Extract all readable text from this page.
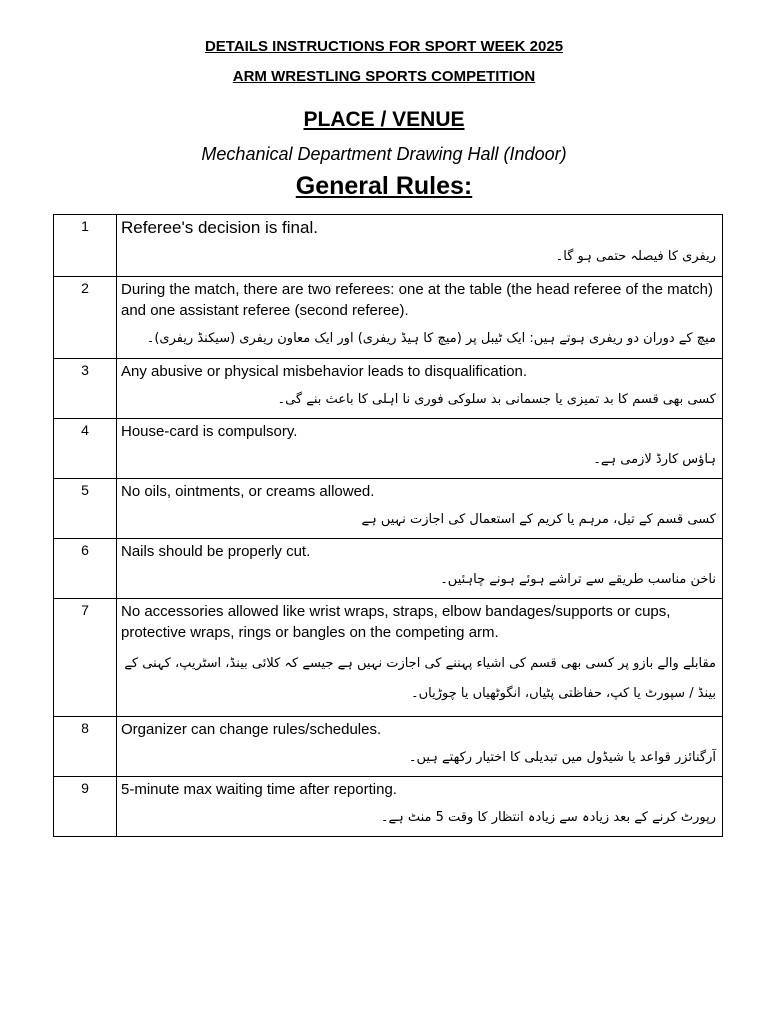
DETAILS INSTRUCTIONS FOR SPORT WEEK 2025
ARM WRESTLING SPORTS COMPETITION
PLACE / VENUE
Mechanical Department Drawing Hall (Indoor)
General Rules:
1	Referee's decision is final.
ریفری کا فیصلہ حتمی ہو گا۔

2	During the match, there are two referees: one at the table (the head referee of the match) and one assistant referee (second referee).
میچ کے دوران دو ریفری ہوتے ہیں: ایک ٹیبل پر (میچ کا ہیڈ ریفری) اور ایک معاون ریفری (سیکنڈ ریفری)۔

3	Any abusive or physical misbehavior leads to disqualification.
کسی بھی قسم کا بد تمیزی یا جسمانی بد سلوکی فوری نا اہلی کا باعث بنے گی۔

4	House-card is compulsory.
ہاؤس کارڈ لازمی ہے۔

5	No oils, ointments, or creams allowed.
کسی قسم کے تیل، مرہم یا کریم کے استعمال کی اجازت نہیں ہے

6	Nails should be properly cut.
ناخن مناسب طریقے سے تراشے ہوئے ہونے چاہئیں۔

7	No accessories allowed like wrist wraps, straps, elbow bandages/supports or cups, protective wraps, rings or bangles on the competing arm.
مقابلے والے بازو پر کسی بھی قسم کی اشیاء پہننے کی اجازت نہیں ہے جیسے کہ کلائی بینڈ، اسٹریپ، کہنی کے بینڈ / سپورٹ یا کپ، حفاظتی پٹیاں، انگوٹھیاں یا چوڑیاں۔

8	Organizer can change rules/schedules.
آرگنائزر قواعد یا شیڈول میں تبدیلی کا اختیار رکھتے ہیں۔

9	5-minute max waiting time after reporting.
رپورٹ کرنے کے بعد زیادہ سے زیادہ انتظار کا وقت 5 منٹ ہے۔
